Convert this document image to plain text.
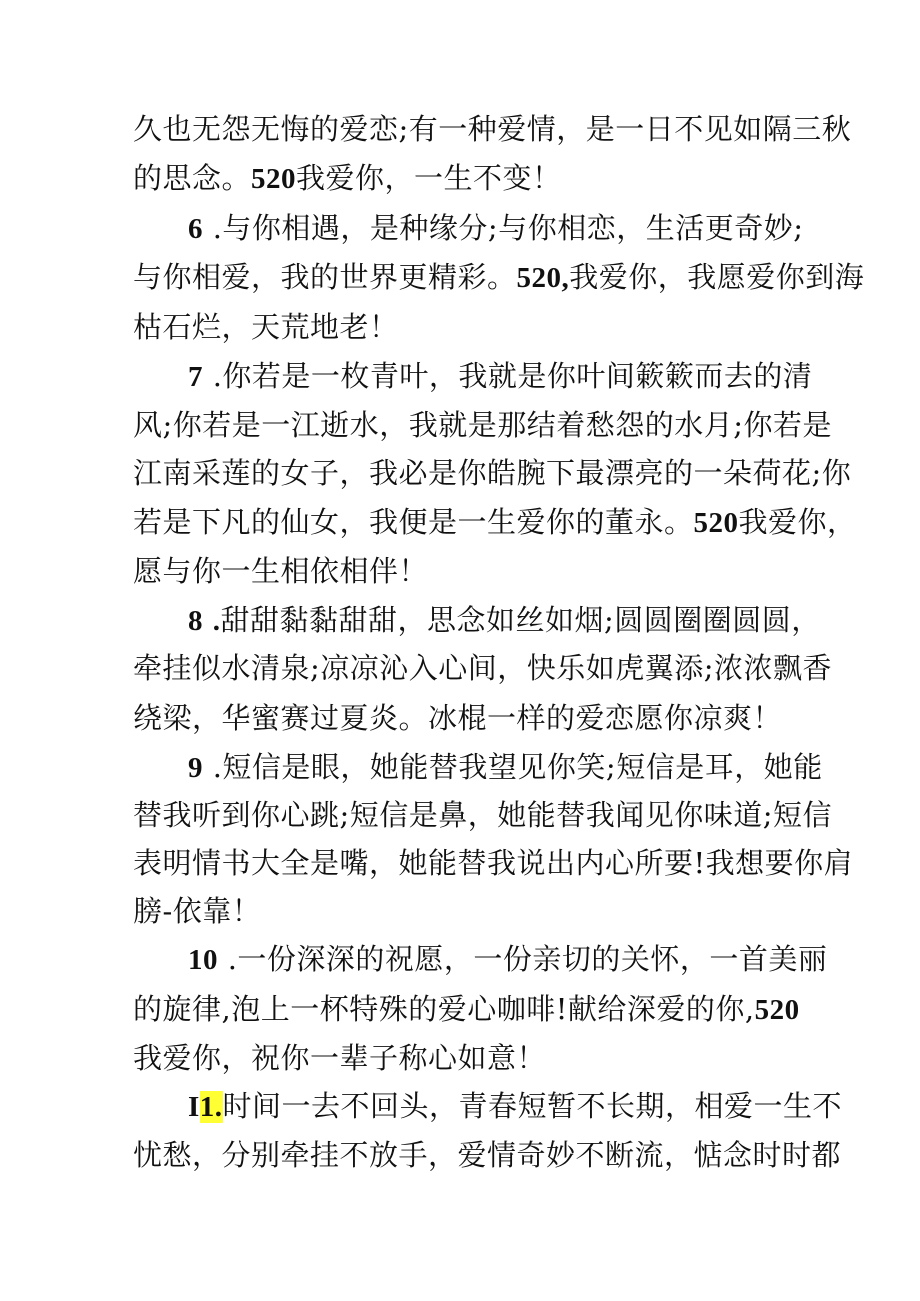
久也无怨无悔的爱恋;有一种爱情，是一日不见如隔三秋
的思念。520我爱你，一生不变！
6 .与你相遇，是种缘分;与你相恋，生活更奇妙;
与你相爱，我的世界更精彩。520,我爱你，我愿爱你到海
枯石烂，天荒地老！
7 .你若是一枚青叶，我就是你叶间簌簌而去的清
风;你若是一江逝水，我就是那结着愁怨的水月;你若是
江南采莲的女子，我必是你皓腕下最漂亮的一朵荷花;你
若是下凡的仙女，我便是一生爱你的董永。520我爱你，
愿与你一生相依相伴！
8 .甜甜黏黏甜甜，思念如丝如烟;圆圆圈圈圆圆，
牵挂似水清泉;凉凉沁入心间，快乐如虎翼添;浓浓飘香
绕梁，华蜜赛过夏炎。冰棍一样的爱恋愿你凉爽！
9 .短信是眼，她能替我望见你笑;短信是耳，她能
替我听到你心跳;短信是鼻，她能替我闻见你味道;短信
表明情书大全是嘴，她能替我说出内心所要!我想要你肩
膀-依靠！
10 .一份深深的祝愿，一份亲切的关怀，一首美丽
的旋律,泡上一杯特殊的爱心咖啡!献给深爱的你,520
我爱你，祝你一辈子称心如意！
I1.时间一去不回头，青春短暂不长期，相爱一生不
忧愁，分别牵挂不放手，爱情奇妙不断流，惦念时时都
